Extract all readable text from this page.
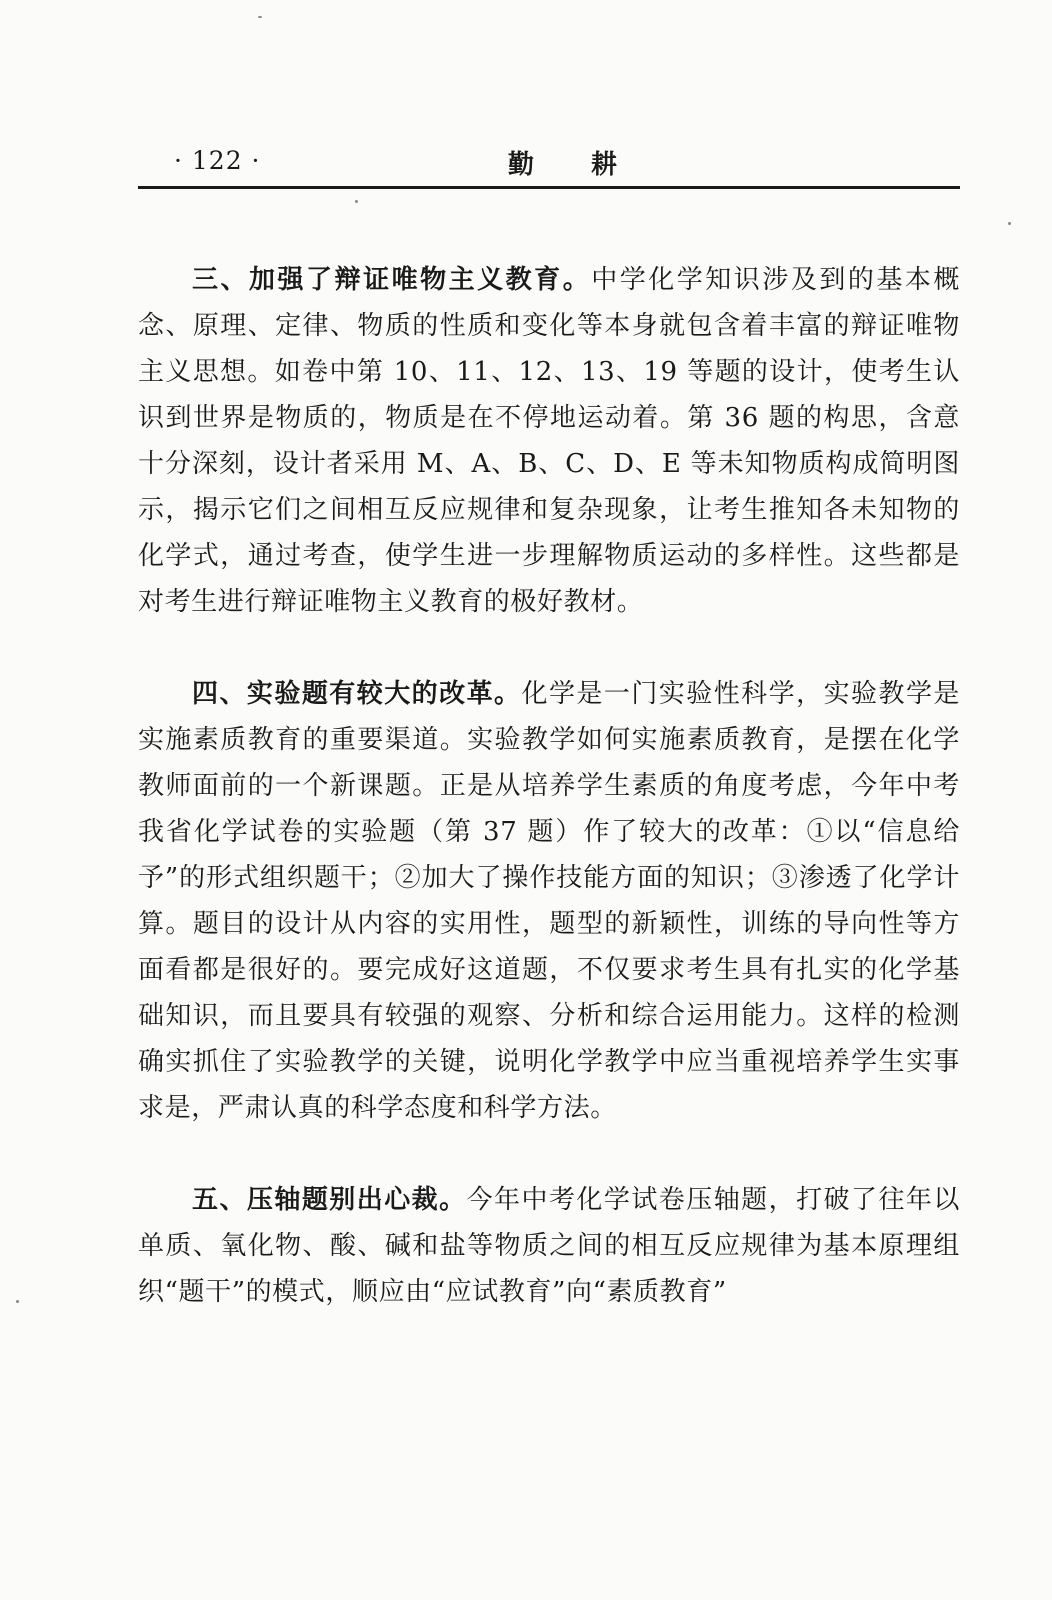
· 122 ·	勤 耕

三、加强了辩证唯物主义教育。中学化学知识涉及到的基本概念、原理、定律、物质的性质和变化等本身就包含着丰富的辩证唯物主义思想。如卷中第 10、11、12、13、19 等题的设计，使考生认识到世界是物质的，物质是在不停地运动着。第 36 题的构思，含意十分深刻，设计者采用 M、A、B、C、D、E 等未知物质构成简明图示，揭示它们之间相互反应规律和复杂现象，让考生推知各未知物的化学式，通过考查，使学生进一步理解物质运动的多样性。这些都是对考生进行辩证唯物主义教育的极好教材。

四、实验题有较大的改革。化学是一门实验性科学，实验教学是实施素质教育的重要渠道。实验教学如何实施素质教育，是摆在化学教师面前的一个新课题。正是从培养学生素质的角度考虑，今年中考我省化学试卷的实验题（第 37 题）作了较大的改革：①以“信息给予”的形式组织题干；②加大了操作技能方面的知识；③渗透了化学计算。题目的设计从内容的实用性，题型的新颖性，训练的导向性等方面看都是很好的。要完成好这道题，不仅要求考生具有扎实的化学基础知识，而且要具有较强的观察、分析和综合运用能力。这样的检测确实抓住了实验教学的关键，说明化学教学中应当重视培养学生实事求是，严肃认真的科学态度和科学方法。

五、压轴题别出心裁。今年中考化学试卷压轴题，打破了往年以单质、氧化物、酸、碱和盐等物质之间的相互反应规律为基本原理组织“题干”的模式，顺应由“应试教育”向“素质教育”
